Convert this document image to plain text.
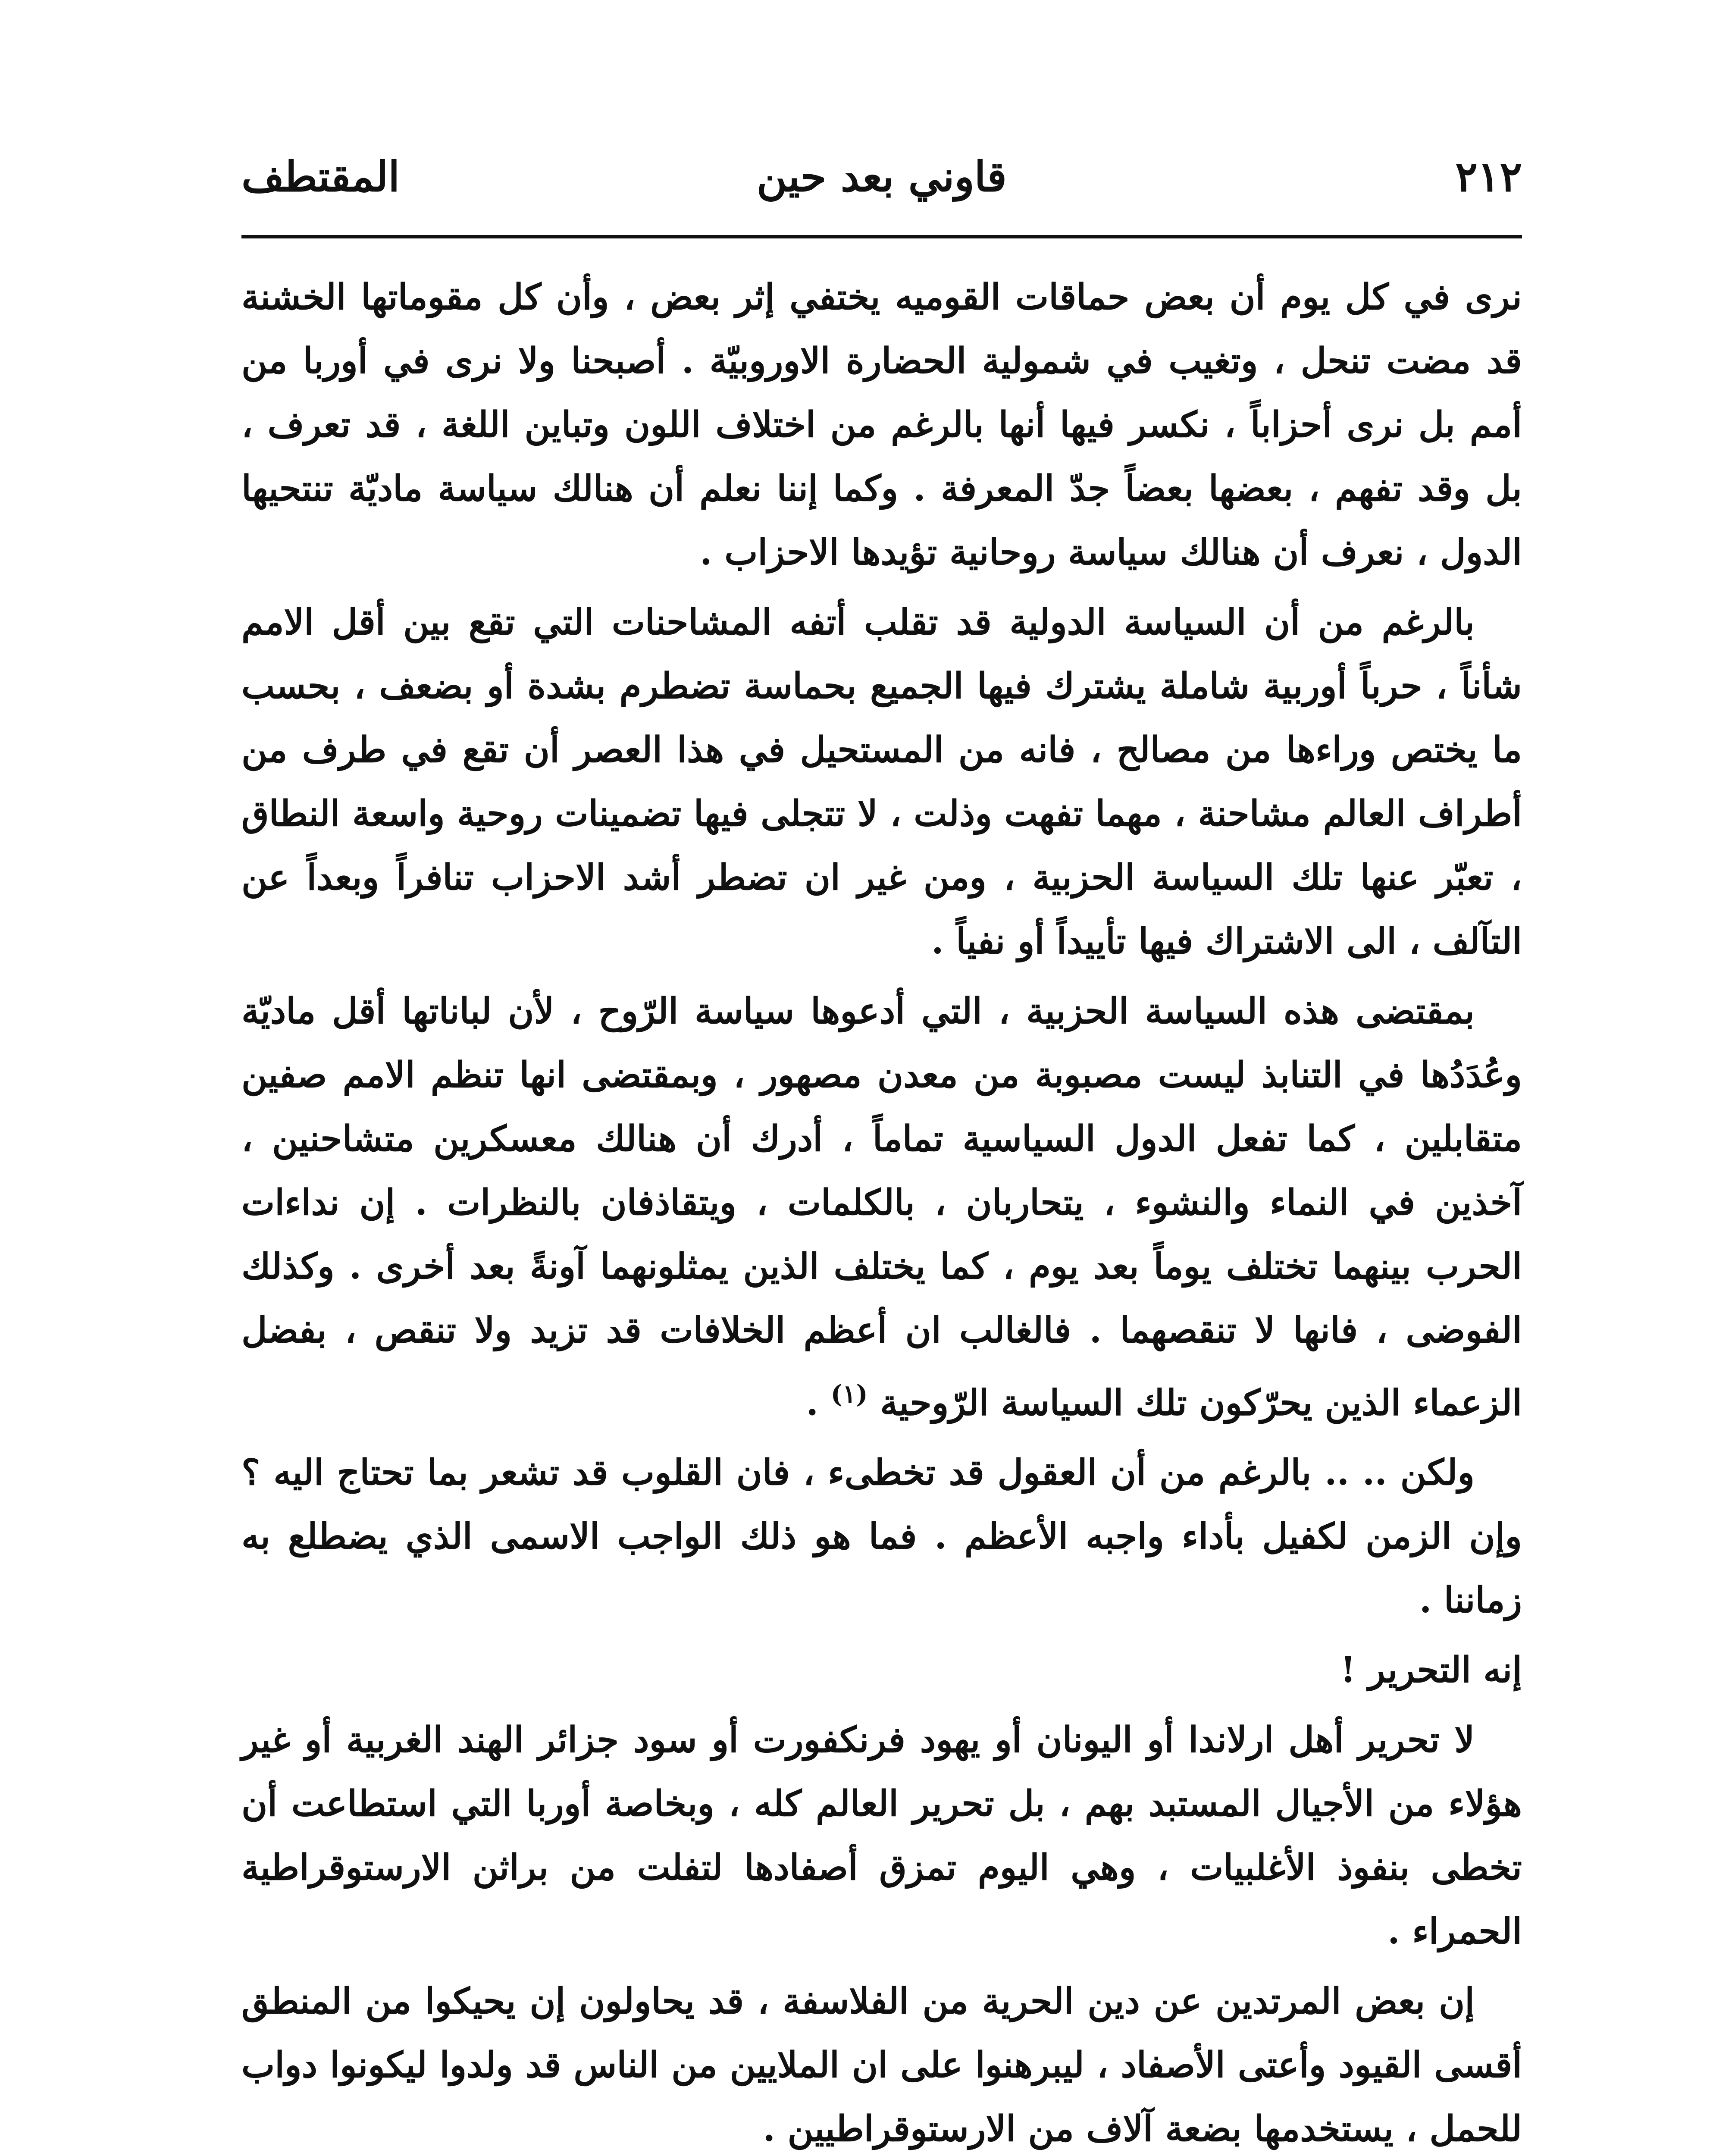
٢١٢
قاوني بعد حين
المقتطف

نرى في كل يوم أن بعض حماقات القوميه يختفي إثر بعض ، وأن كل مقوماتها الخشنة قد مضت تنحل ، وتغيب في شمولية الحضارة الاوروبيّة . أصبحنا ولا نرى في أوربا من أمم بل نرى أحزاباً ، نكسر فيها أنها بالرغم من اختلاف اللون وتباين اللغة ، قد تعرف ، بل وقد تفهم ، بعضها بعضاً جدّ المعرفة . وكما إننا نعلم أن هنالك سياسة ماديّة تنتحيها الدول ، نعرف أن هنالك سياسة روحانية تؤيدها الاحزاب .

بالرغم من أن السياسة الدولية قد تقلب أتفه المشاحنات التي تقع بين أقل الامم شأناً ، حرباً أوربية شاملة يشترك فيها الجميع بحماسة تضطرم بشدة أو بضعف ، بحسب ما يختص وراءها من مصالح ، فانه من المستحيل في هذا العصر أن تقع في طرف من أطراف العالم مشاحنة ، مهما تفهت وذلت ، لا تتجلى فيها تضمينات روحية واسعة النطاق ، تعبّر عنها تلك السياسة الحزبية ، ومن غير ان تضطر أشد الاحزاب تنافراً وبعداً عن التآلف ، الى الاشتراك فيها تأييداً أو نفياً .

بمقتضى هذه السياسة الحزبية ، التي أدعوها سياسة الرّوح ، لأن لباناتها أقل ماديّة وعُدَدُها في التنابذ ليست مصبوبة من معدن مصهور ، وبمقتضى انها تنظم الامم صفين متقابلين ، كما تفعل الدول السياسية تماماً ، أدرك أن هنالك معسكرين متشاحنين ، آخذين في النماء والنشوء ، يتحاربان ، بالكلمات ، ويتقاذفان بالنظرات . إن نداءات الحرب بينهما تختلف يوماً بعد يوم ، كما يختلف الذين يمثلونهما آونةً بعد أخرى . وكذلك الفوضى ، فانها لا تنقصهما . فالغالب ان أعظم الخلافات قد تزيد ولا تنقص ، بفضل الزعماء الذين يحرّكون تلك السياسة الرّوحية $^{(١)}$ .

ولكن .. .. بالرغم من أن العقول قد تخطىء ، فان القلوب قد تشعر بما تحتاج اليه ؟ وإن الزمن لكفيل بأداء واجبه الأعظم . فما هو ذلك الواجب الاسمى الذي يضطلع به زماننا .

إنه التحرير !

لا تحرير أهل ارلاندا أو اليونان أو يهود فرنكفورت أو سود جزائر الهند الغربية أو غير هؤلاء من الأجيال المستبد بهم ، بل تحرير العالم كله ، وبخاصة أوربا التي استطاعت أن تخطى بنفوذ الأغلبيات ، وهي اليوم تمزق أصفادها لتفلت من براثن الارستوقراطية الحمراء .

إن بعض المرتدين عن دين الحرية من الفلاسفة ، قد يحاولون إن يحيكوا من المنطق أقسى القيود وأعتى الأصفاد ، ليبرهنوا على ان الملايين من الناس قد ولدوا ليكونوا دواب للحمل ، يستخدمها بضعة آلاف من الارستوقراطيين .
